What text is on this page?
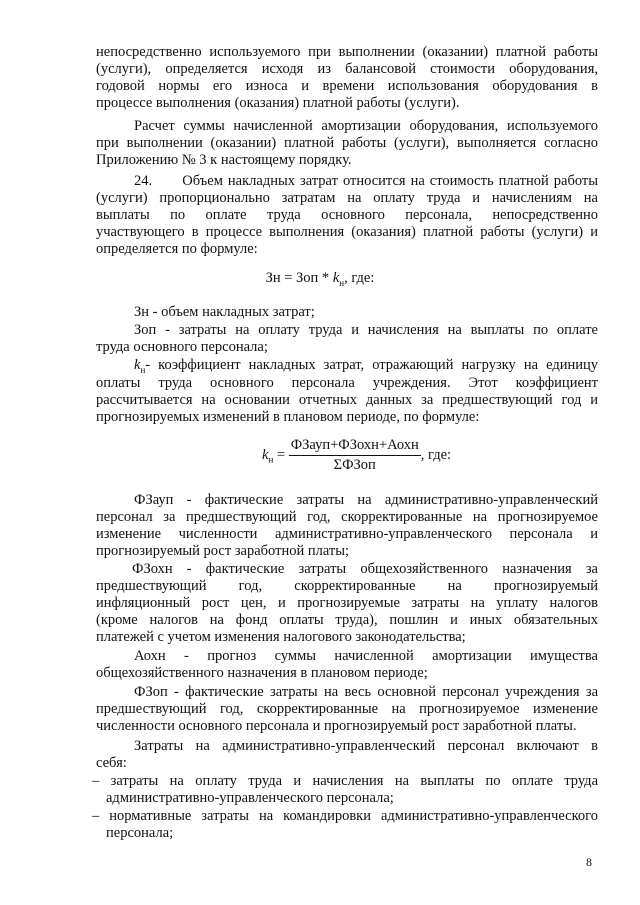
непосредственно используемого при выполнении (оказании) платной работы
(услуги), определяется исходя из балансовой стоимости оборудования,
годовой нормы его износа и времени использования оборудования в
процессе выполнения (оказания) платной работы (услуги).
Расчет суммы начисленной амортизации оборудования, используемого
при выполнении (оказании) платной работы (услуги), выполняется согласно
Приложению № 3 к настоящему порядку.
24.      Объем накладных затрат относится на стоимость платной работы
(услуги) пропорционально затратам на оплату труда и начислениям на
выплаты по оплате труда основного персонала, непосредственно
участвующего в процессе выполнения (оказания) платной работы (услуги) и
определяется по формуле:
Зн = Зоп * $k_н$, где:
Зн - объем накладных затрат;
Зоп - затраты на оплату труда и начисления на выплаты по оплате
труда основного персонала;
$k_н-$ коэффициент накладных затрат, отражающий нагрузку на единицу
оплаты труда основного персонала учреждения. Этот коэффициент
рассчитывается на основании отчетных данных за предшествующий год и
прогнозируемых изменений в плановом периоде, по формуле:
$k_н = \frac{\text{ФЗауп+ФЗохн+Аохн}}{\text{ΣФЗоп}}$ , где:
ФЗауп - фактические затраты на административно-управленческий
персонал за предшествующий год, скорректированные на прогнозируемое
изменение численности административно-управленческого персонала и
прогнозируемый рост заработной платы;
ФЗохн - фактические затраты общехозяйственного назначения за
предшествующий год, скорректированные на прогнозируемый
инфляционный рост цен, и прогнозируемые затраты на уплату налогов
(кроме налогов на фонд оплаты труда), пошлин и иных обязательных
платежей с учетом изменения налогового законодательства;
Аохн - прогноз суммы начисленной амортизации имущества
общехозяйственного назначения в плановом периоде;
ФЗоп - фактические затраты на весь основной персонал учреждения за
предшествующий год, скорректированные на прогнозируемое изменение
численности основного персонала и прогнозируемый рост заработной платы.
Затраты на административно-управленческий персонал включают в
себя:
– затраты на оплату труда и начисления на выплаты по оплате труда
административно-управленческого персонала;
– нормативные затраты на командировки административно-управленческого
персонала;
8
